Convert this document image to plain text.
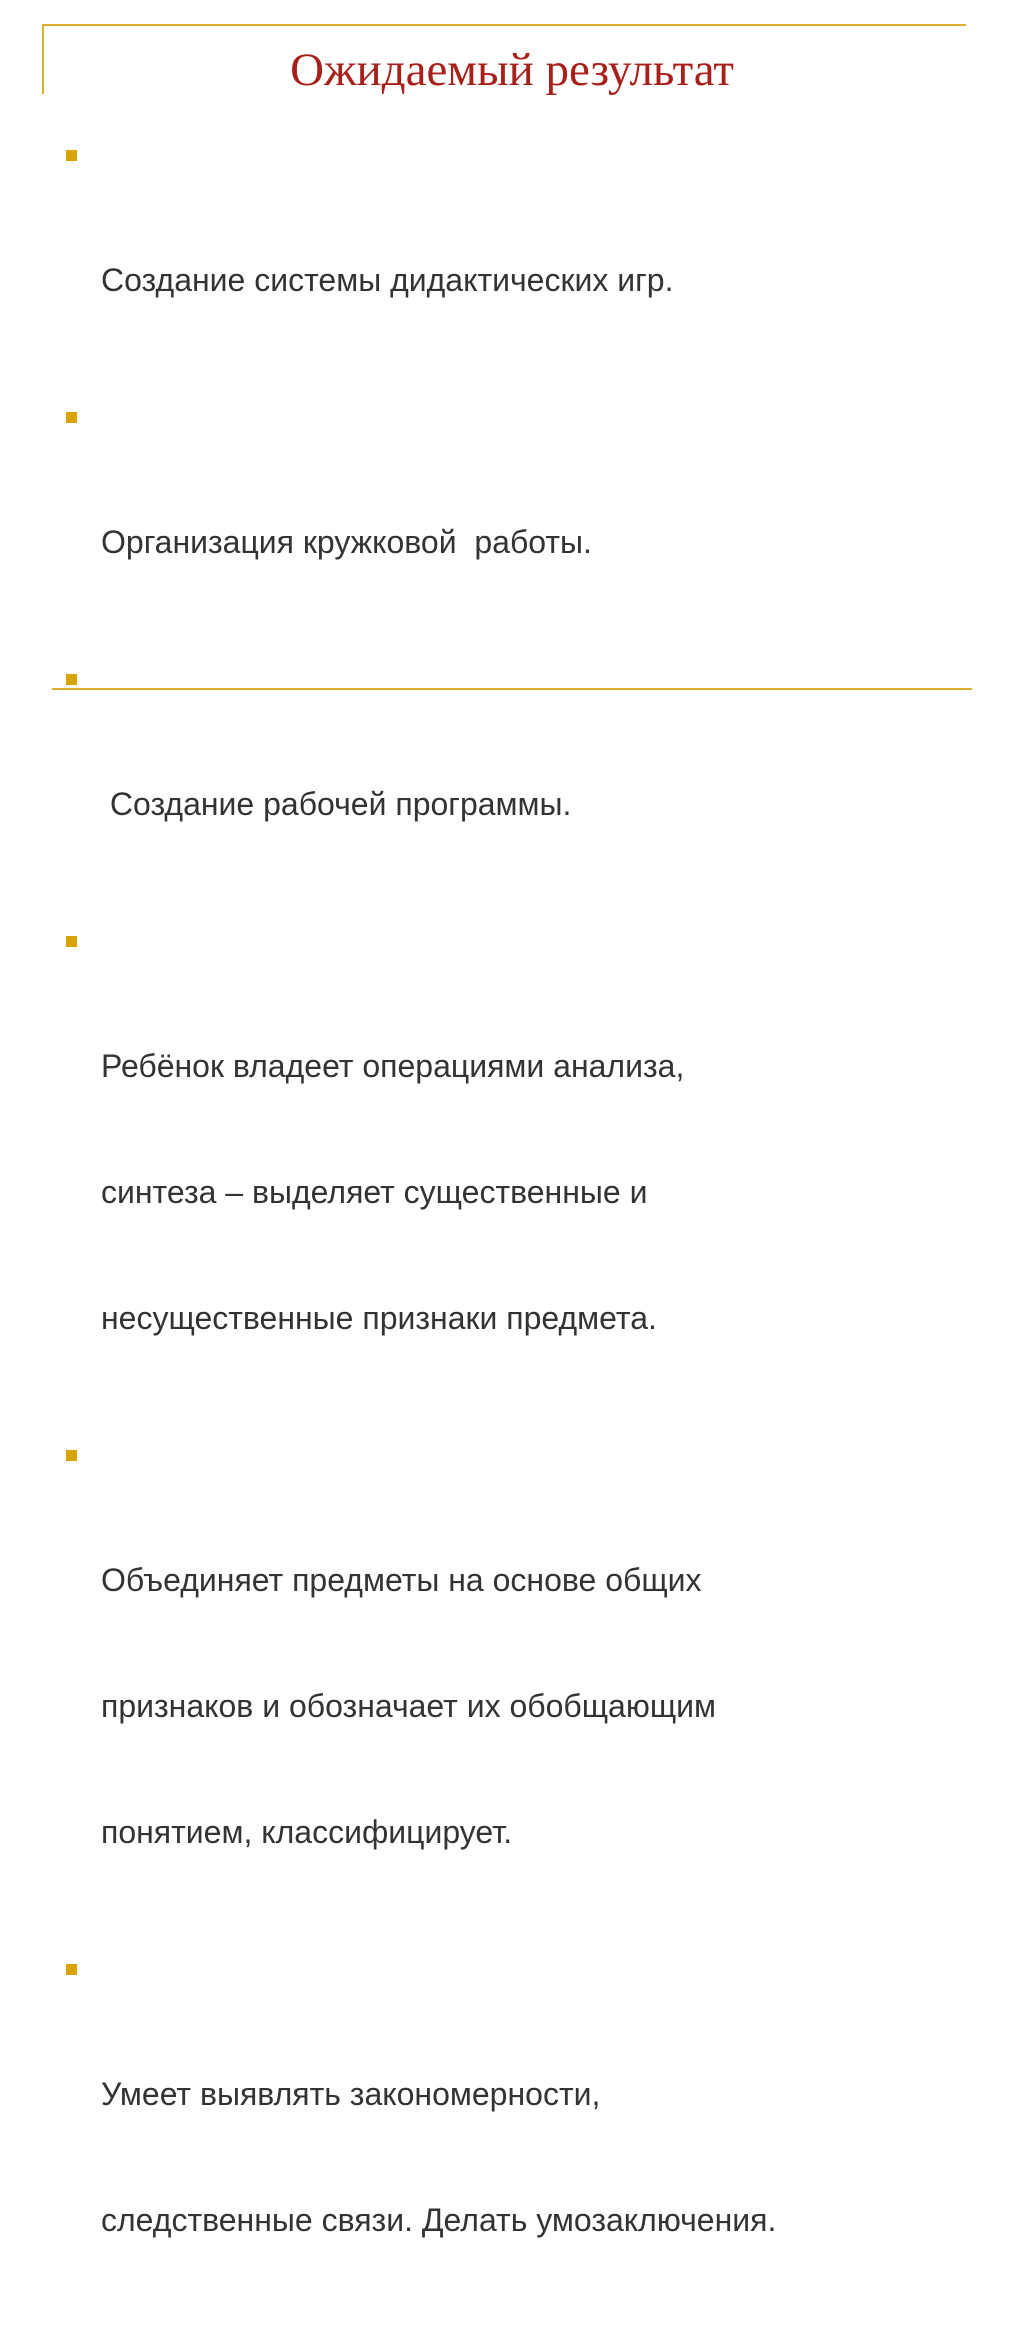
Ожидаемый результат

Создание системы дидактических игр.

Организация кружковой  работы.

Создание рабочей программы.

Ребёнок владеет операциями анализа,

синтеза – выделяет существенные и

несущественные признаки предмета.

Объединяет предметы на основе общих

признаков и обозначает их обобщающим

понятием, классифицирует.

Умеет выявлять закономерности,

следственные связи. Делать умозаключения.
